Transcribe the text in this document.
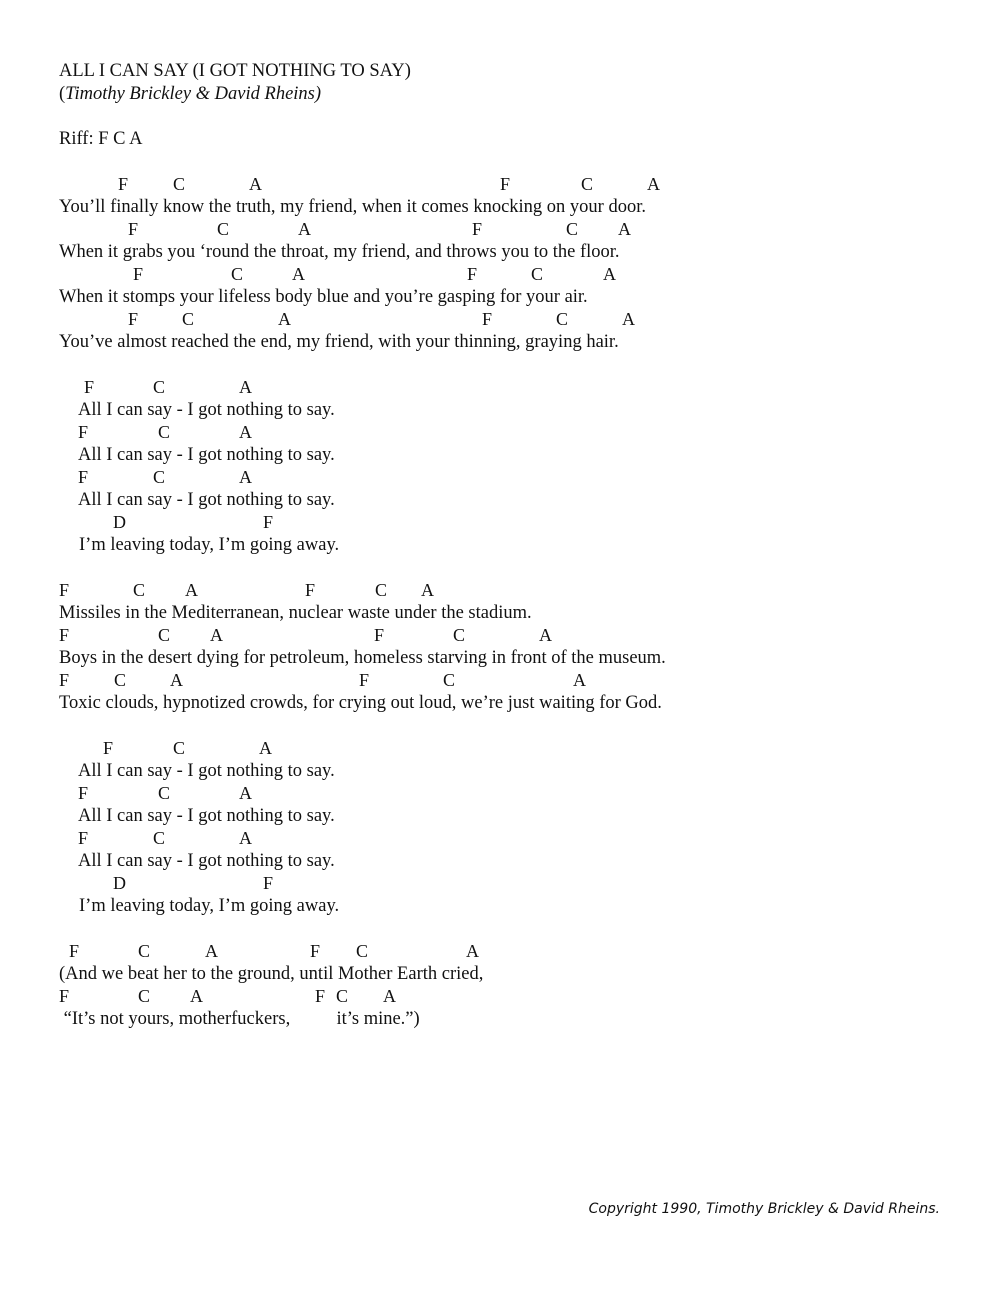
ALL I CAN SAY (I GOT NOTHING TO SAY)
(Timothy Brickley & David Rheins)
Riff: F C A
F C	A	F	C	A
You’ll finally know the truth, my friend, when it comes knocking on your door.
F	C	A	F	C A
When it grabs you ‘round the throat, my friend, and throws you to the floor.
F	C	A	F	C	A
When it stomps your lifeless body blue and you’re gasping for your air.
F C	A	F	C	A
You’ve almost reached the end, my friend, with your thinning, graying hair.
F	C	A
All I can say - I got nothing to say.
F	C	A
All I can say - I got nothing to say.
F	C	A
All I can say - I got nothing to say.
D	F
I’m leaving today, I’m going away.
F	C A	F	C A
Missiles in the Mediterranean, nuclear waste under the stadium.
F	C A	F	C	A
Boys in the desert dying for petroleum, homeless starving in front of the museum.
F C A	F	C	A
Toxic clouds, hypnotized crowds, for crying out loud, we’re just waiting for God.
F	C	A
All I can say - I got nothing to say.
F	C	A
All I can say - I got nothing to say.
F	C	A
All I can say - I got nothing to say.
D	F
I’m leaving today, I’m going away.
F	C	A	F C	A
(And we beat her to the ground, until Mother Earth cried,
F	C A	F C A
“It’s not yours, motherfuckers,          it’s mine.”)
Copyright 1990, Timothy Brickley & David Rheins.
